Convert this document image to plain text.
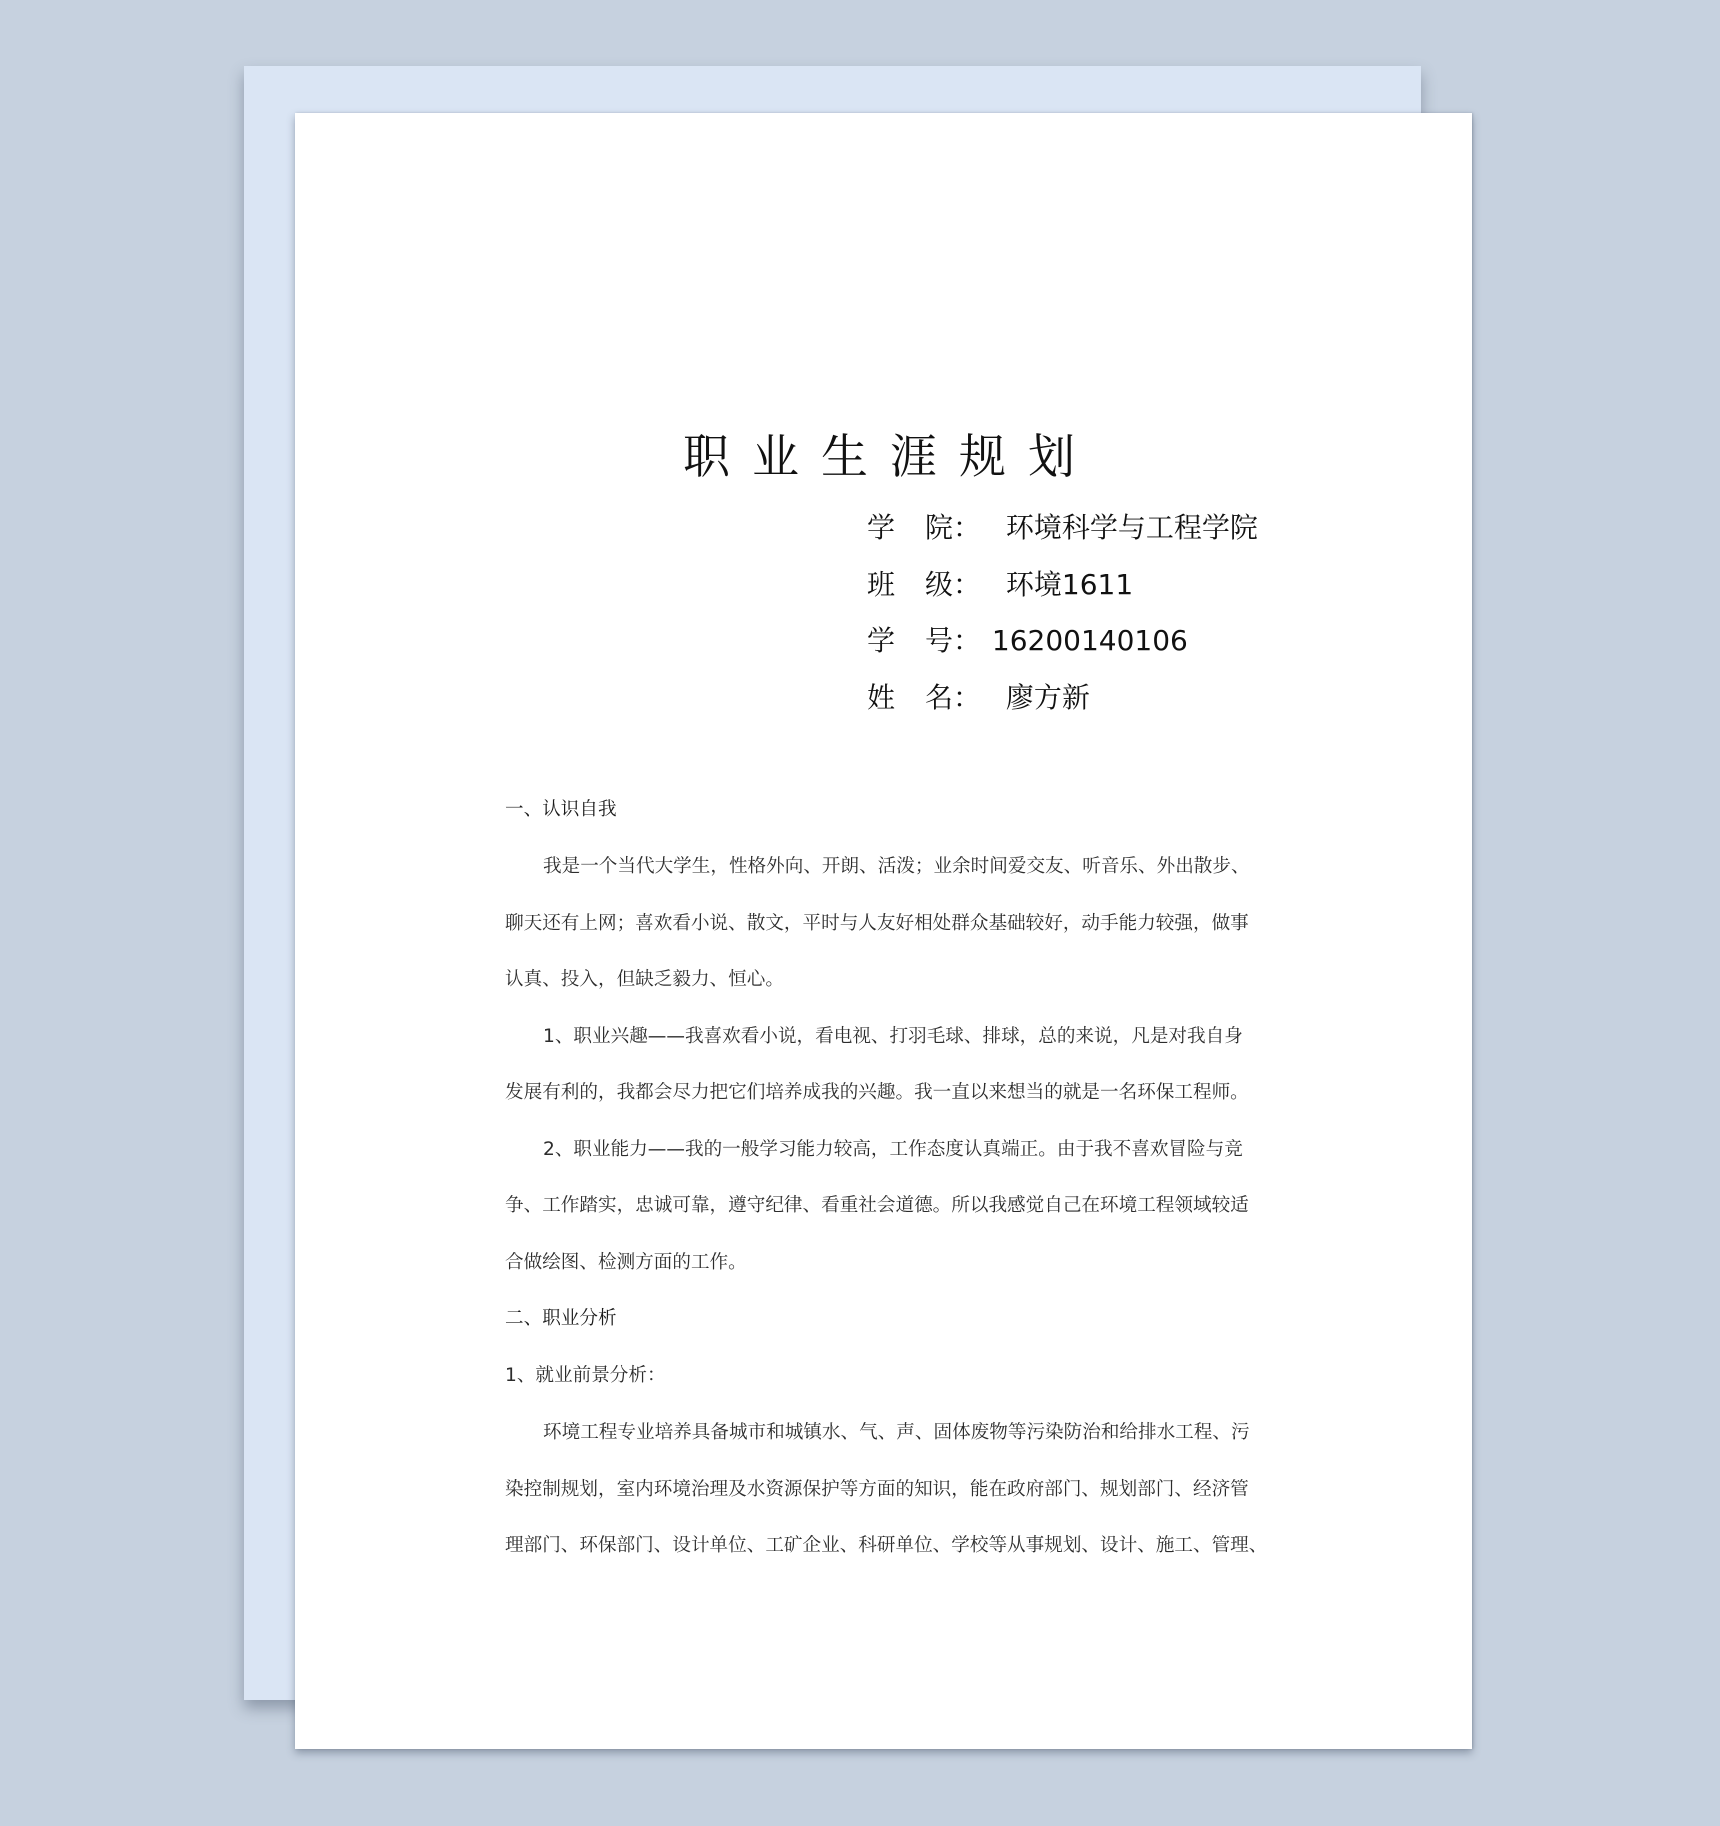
职业生涯规划
学 院： 环境科学与工程学院
班 级： 环境1611
学 号： 16200140106
姓 名： 廖方新
一、认识自我
我是一个当代大学生，性格外向、开朗、活泼；业余时间爱交友、听音乐、外出散步、
聊天还有上网；喜欢看小说、散文，平时与人友好相处群众基础较好，动手能力较强，做事
认真、投入，但缺乏毅力、恒心。
1、职业兴趣——我喜欢看小说，看电视、打羽毛球、排球，总的来说，凡是对我自身
发展有利的，我都会尽力把它们培养成我的兴趣。我一直以来想当的就是一名环保工程师。
2、职业能力——我的一般学习能力较高，工作态度认真端正。由于我不喜欢冒险与竞
争、工作踏实，忠诚可靠，遵守纪律、看重社会道德。所以我感觉自己在环境工程领域较适
合做绘图、检测方面的工作。
二、职业分析
1、就业前景分析：
环境工程专业培养具备城市和城镇水、气、声、固体废物等污染防治和给排水工程、污
染控制规划，室内环境治理及水资源保护等方面的知识，能在政府部门、规划部门、经济管
理部门、环保部门、设计单位、工矿企业、科研单位、学校等从事规划、设计、施工、管理、
